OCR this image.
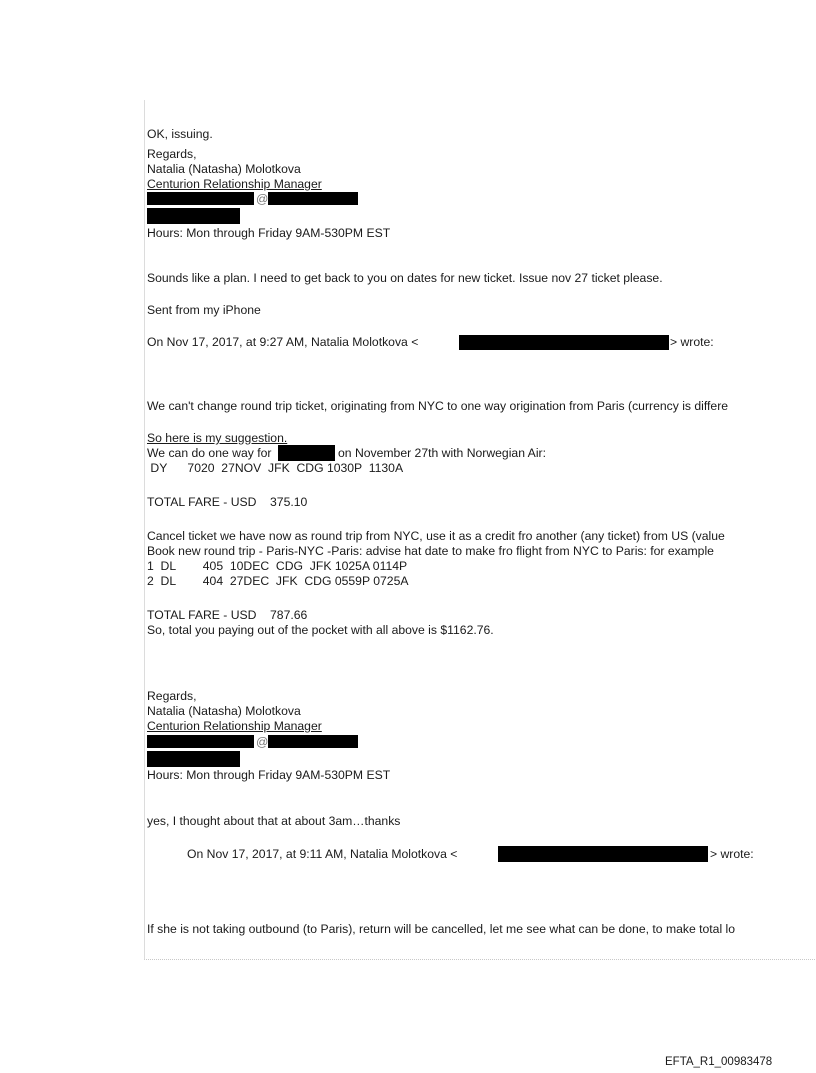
OK, issuing.
Regards,
Natalia (Natasha) Molotkova
Centurion Relationship Manager
@
Hours: Mon through Friday 9AM-530PM EST
Sounds like a plan. I need to get back to you on dates for new ticket. Issue nov 27 ticket please.
Sent from my iPhone
On Nov 17, 2017, at 9:27 AM, Natalia Molotkova <	> wrote:
We can't change round trip ticket, originating from NYC to one way origination from Paris (currency is differe
So here is my suggestion.
We can do one way for	on November 27th with Norwegian Air:
DY      7020  27NOV  JFK  CDG 1030P  1130A
TOTAL FARE - USD    375.10
Cancel ticket we have now as round trip from NYC, use it as a credit fro another (any ticket) from US (value
Book new round trip - Paris-NYC -Paris: advise hat date to make fro flight from NYC to Paris: for example
1  DL        405  10DEC  CDG  JFK 1025A 0114P
2  DL        404  27DEC  JFK  CDG 0559P 0725A
TOTAL FARE - USD    787.66
So, total you paying out of the pocket with all above is $1162.76.
Regards,
Natalia (Natasha) Molotkova
Centurion Relationship Manager
@
Hours: Mon through Friday 9AM-530PM EST
yes, I thought about that at about 3am…thanks
On Nov 17, 2017, at 9:11 AM, Natalia Molotkova <	> wrote:
If she is not taking outbound (to Paris), return will be cancelled, let me see what can be done, to make total lo
EFTA_R1_00983478
